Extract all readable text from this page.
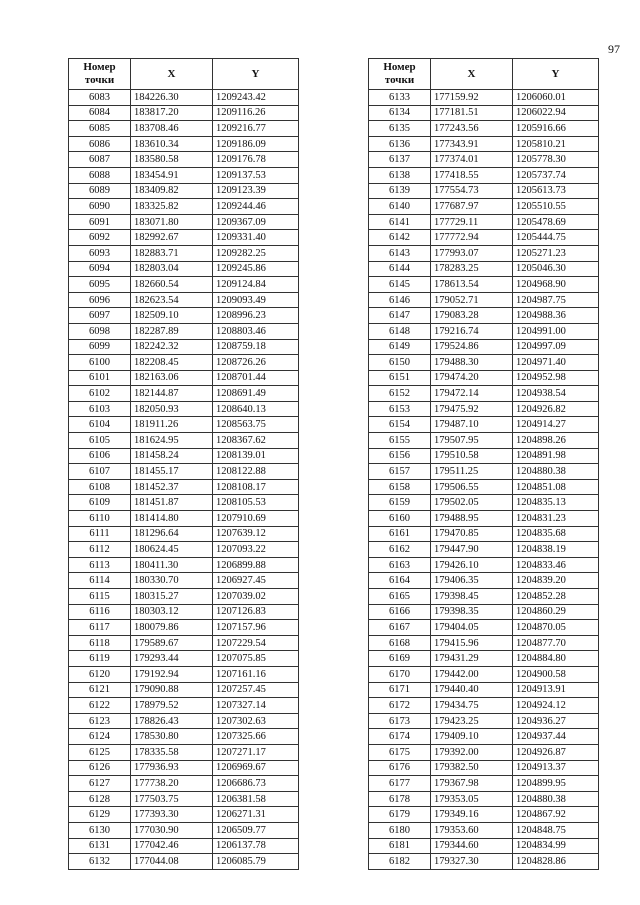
97
Номер
точки	X	Y
6083	184226.30	1209243.42
6084	183817.20	1209116.26
6085	183708.46	1209216.77
6086	183610.34	1209186.09
6087	183580.58	1209176.78
6088	183454.91	1209137.53
6089	183409.82	1209123.39
6090	183325.82	1209244.46
6091	183071.80	1209367.09
6092	182992.67	1209331.40
6093	182883.71	1209282.25
6094	182803.04	1209245.86
6095	182660.54	1209124.84
6096	182623.54	1209093.49
6097	182509.10	1208996.23
6098	182287.89	1208803.46
6099	182242.32	1208759.18
6100	182208.45	1208726.26
6101	182163.06	1208701.44
6102	182144.87	1208691.49
6103	182050.93	1208640.13
6104	181911.26	1208563.75
6105	181624.95	1208367.62
6106	181458.24	1208139.01
6107	181455.17	1208122.88
6108	181452.37	1208108.17
6109	181451.87	1208105.53
6110	181414.80	1207910.69
6111	181296.64	1207639.12
6112	180624.45	1207093.22
6113	180411.30	1206899.88
6114	180330.70	1206927.45
6115	180315.27	1207039.02
6116	180303.12	1207126.83
6117	180079.86	1207157.96
6118	179589.67	1207229.54
6119	179293.44	1207075.85
6120	179192.94	1207161.16
6121	179090.88	1207257.45
6122	178979.52	1207327.14
6123	178826.43	1207302.63
6124	178530.80	1207325.66
6125	178335.58	1207271.17
6126	177936.93	1206969.67
6127	177738.20	1206686.73
6128	177503.75	1206381.58
6129	177393.30	1206271.31
6130	177030.90	1206509.77
6131	177042.46	1206137.78
6132	177044.08	1206085.79
Номер
точки	X	Y
6133	177159.92	1206060.01
6134	177181.51	1206022.94
6135	177243.56	1205916.66
6136	177343.91	1205810.21
6137	177374.01	1205778.30
6138	177418.55	1205737.74
6139	177554.73	1205613.73
6140	177687.97	1205510.55
6141	177729.11	1205478.69
6142	177772.94	1205444.75
6143	177993.07	1205271.23
6144	178283.25	1205046.30
6145	178613.54	1204968.90
6146	179052.71	1204987.75
6147	179083.28	1204988.36
6148	179216.74	1204991.00
6149	179524.86	1204997.09
6150	179488.30	1204971.40
6151	179474.20	1204952.98
6152	179472.14	1204938.54
6153	179475.92	1204926.82
6154	179487.10	1204914.27
6155	179507.95	1204898.26
6156	179510.58	1204891.98
6157	179511.25	1204880.38
6158	179506.55	1204851.08
6159	179502.05	1204835.13
6160	179488.95	1204831.23
6161	179470.85	1204835.68
6162	179447.90	1204838.19
6163	179426.10	1204833.46
6164	179406.35	1204839.20
6165	179398.45	1204852.28
6166	179398.35	1204860.29
6167	179404.05	1204870.05
6168	179415.96	1204877.70
6169	179431.29	1204884.80
6170	179442.00	1204900.58
6171	179440.40	1204913.91
6172	179434.75	1204924.12
6173	179423.25	1204936.27
6174	179409.10	1204937.44
6175	179392.00	1204926.87
6176	179382.50	1204913.37
6177	179367.98	1204899.95
6178	179353.05	1204880.38
6179	179349.16	1204867.92
6180	179353.60	1204848.75
6181	179344.60	1204834.99
6182	179327.30	1204828.86
